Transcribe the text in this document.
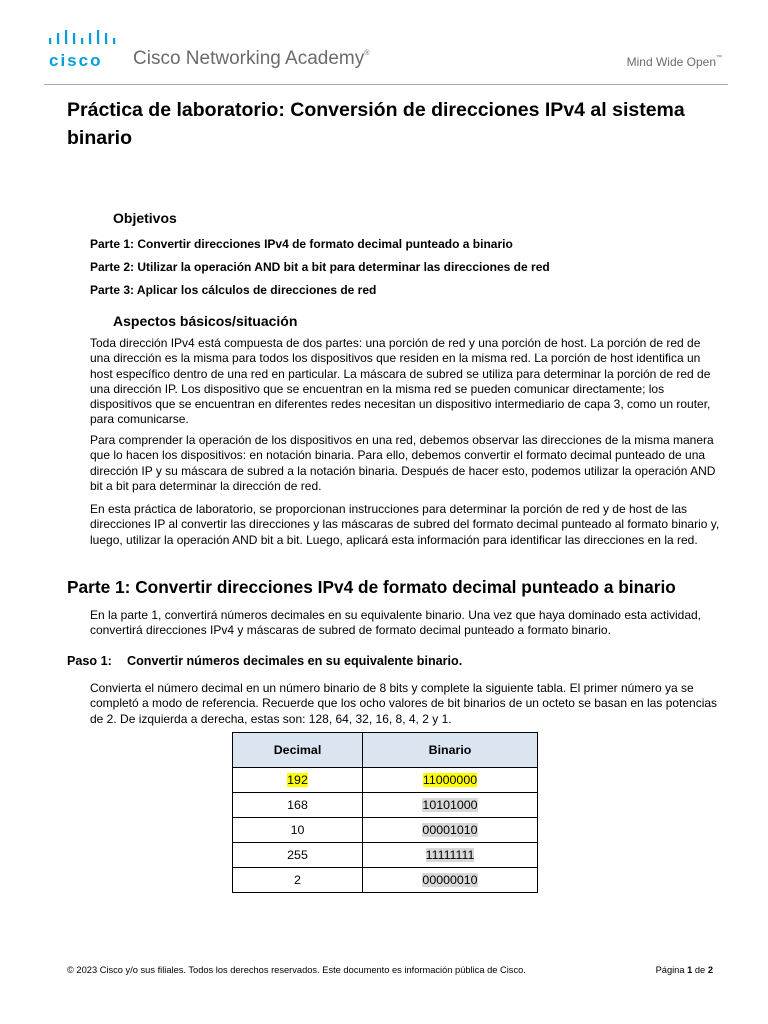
cisco Cisco Networking Academy®
Mind Wide Open™
Práctica de laboratorio: Conversión de direcciones IPv4 al sistema binario
Objetivos
Parte 1: Convertir direcciones IPv4 de formato decimal punteado a binario
Parte 2: Utilizar la operación AND bit a bit para determinar las direcciones de red
Parte 3: Aplicar los cálculos de direcciones de red
Aspectos básicos/situación

Toda dirección IPv4 está compuesta de dos partes: una porción de red y una porción de host. La porción de red de una dirección es la misma para todos los dispositivos que residen en la misma red. La porción de host identifica un host específico dentro de una red en particular. La máscara de subred se utiliza para determinar la porción de red de una dirección IP. Los dispositivo que se encuentran en la misma red se pueden comunicar directamente; los dispositivos que se encuentran en diferentes redes necesitan un dispositivo intermediario de capa 3, como un router, para comunicarse.

Para comprender la operación de los dispositivos en una red, debemos observar las direcciones de la misma manera que lo hacen los dispositivos: en notación binaria. Para ello, debemos convertir el formato decimal punteado de una dirección IP y su máscara de subred a la notación binaria. Después de hacer esto, podemos utilizar la operación AND bit a bit para determinar la dirección de red.

En esta práctica de laboratorio, se proporcionan instrucciones para determinar la porción de red y de host de las direcciones IP al convertir las direcciones y las máscaras de subred del formato decimal punteado al formato binario y, luego, utilizar la operación AND bit a bit. Luego, aplicará esta información para identificar las direcciones en la red.

Parte 1: Convertir direcciones IPv4 de formato decimal punteado a binario

En la parte 1, convertirá números decimales en su equivalente binario. Una vez que haya dominado esta actividad, convertirá direcciones IPv4 y máscaras de subred de formato decimal punteado a formato binario.

Paso 1: Convertir números decimales en su equivalente binario.

Convierta el número decimal en un número binario de 8 bits y complete la siguiente tabla. El primer número ya se completó a modo de referencia. Recuerde que los ocho valores de bit binarios de un octeto se basan en las potencias de 2. De izquierda a derecha, estas son: 128, 64, 32, 16, 8, 4, 2 y 1.

Decimal	Binario
192	11000000
168	10101000
10	00001010
255	11111111
2	00000010
© 2023 Cisco y/o sus filiales. Todos los derechos reservados. Este documento es información pública de Cisco.	Página 1 de 2
